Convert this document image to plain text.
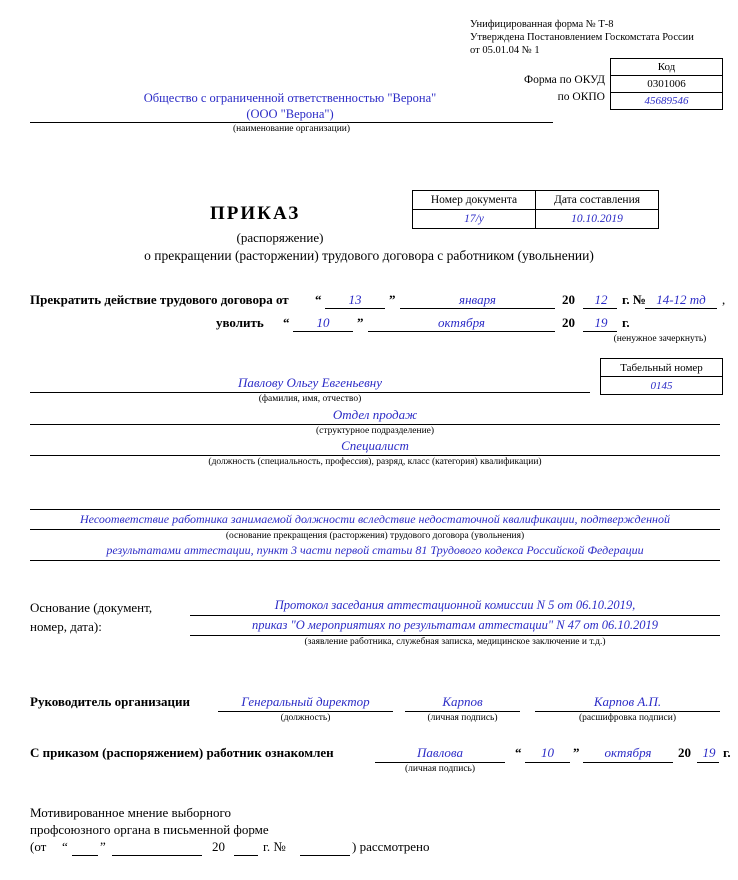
Унифицированная форма № Т-8
Утверждена Постановлением Госкомстата России
от 05.01.04 № 1
Код
0301006
45689546
Форма по ОКУД
по ОКПО
Общество с ограниченной ответственностью "Верона"
(ООО "Верона")
(наименование организации)
Номер документа	Дата составления
17/у	10.10.2019
ПРИКАЗ
(распоряжение)
о прекращении (расторжении) трудового договора с работником (увольнении)
Прекратить действие трудового договора от “	13	”	января	20	12	г. № 14-12 тд	,
уволить “	10	”	октября	20	19	г.
(ненужное зачеркнуть)
Табельный номер
0145
Павлову Ольгу Евгеньевну
(фамилия, имя, отчество)
Отдел продаж
(структурное подразделение)
Специалист
(должность (специальность, профессия), разряд, класс (категория) квалификации)
Несоответствие работника занимаемой должности вследствие недостаточной квалификации, подтвержденной
(основание прекращения (расторжения) трудового договора (увольнения)
результатами аттестации, пункт 3 части первой статьи 81 Трудового кодекса Российской Федерации
Основание (документ,
номер, дата):
Протокол заседания аттестационной комиссии N 5 от 06.10.2019,
приказ "О мероприятиях по результатам аттестации" N 47 от 06.10.2019
(заявление работника, служебная записка, медицинское заключение и т.д.)
Руководитель организации	Генеральный директор
(должность)
Карпов
(личная подпись)
Карпов А.П.
(расшифровка подписи)
С приказом (распоряжением) работник ознакомлен	Павлова
(личная подпись)
“	10	”	октября	20 19 г.
Мотивированное мнение выборного
профсоюзного органа в письменной форме
(от “ ”	20	г. №	) рассмотрено
